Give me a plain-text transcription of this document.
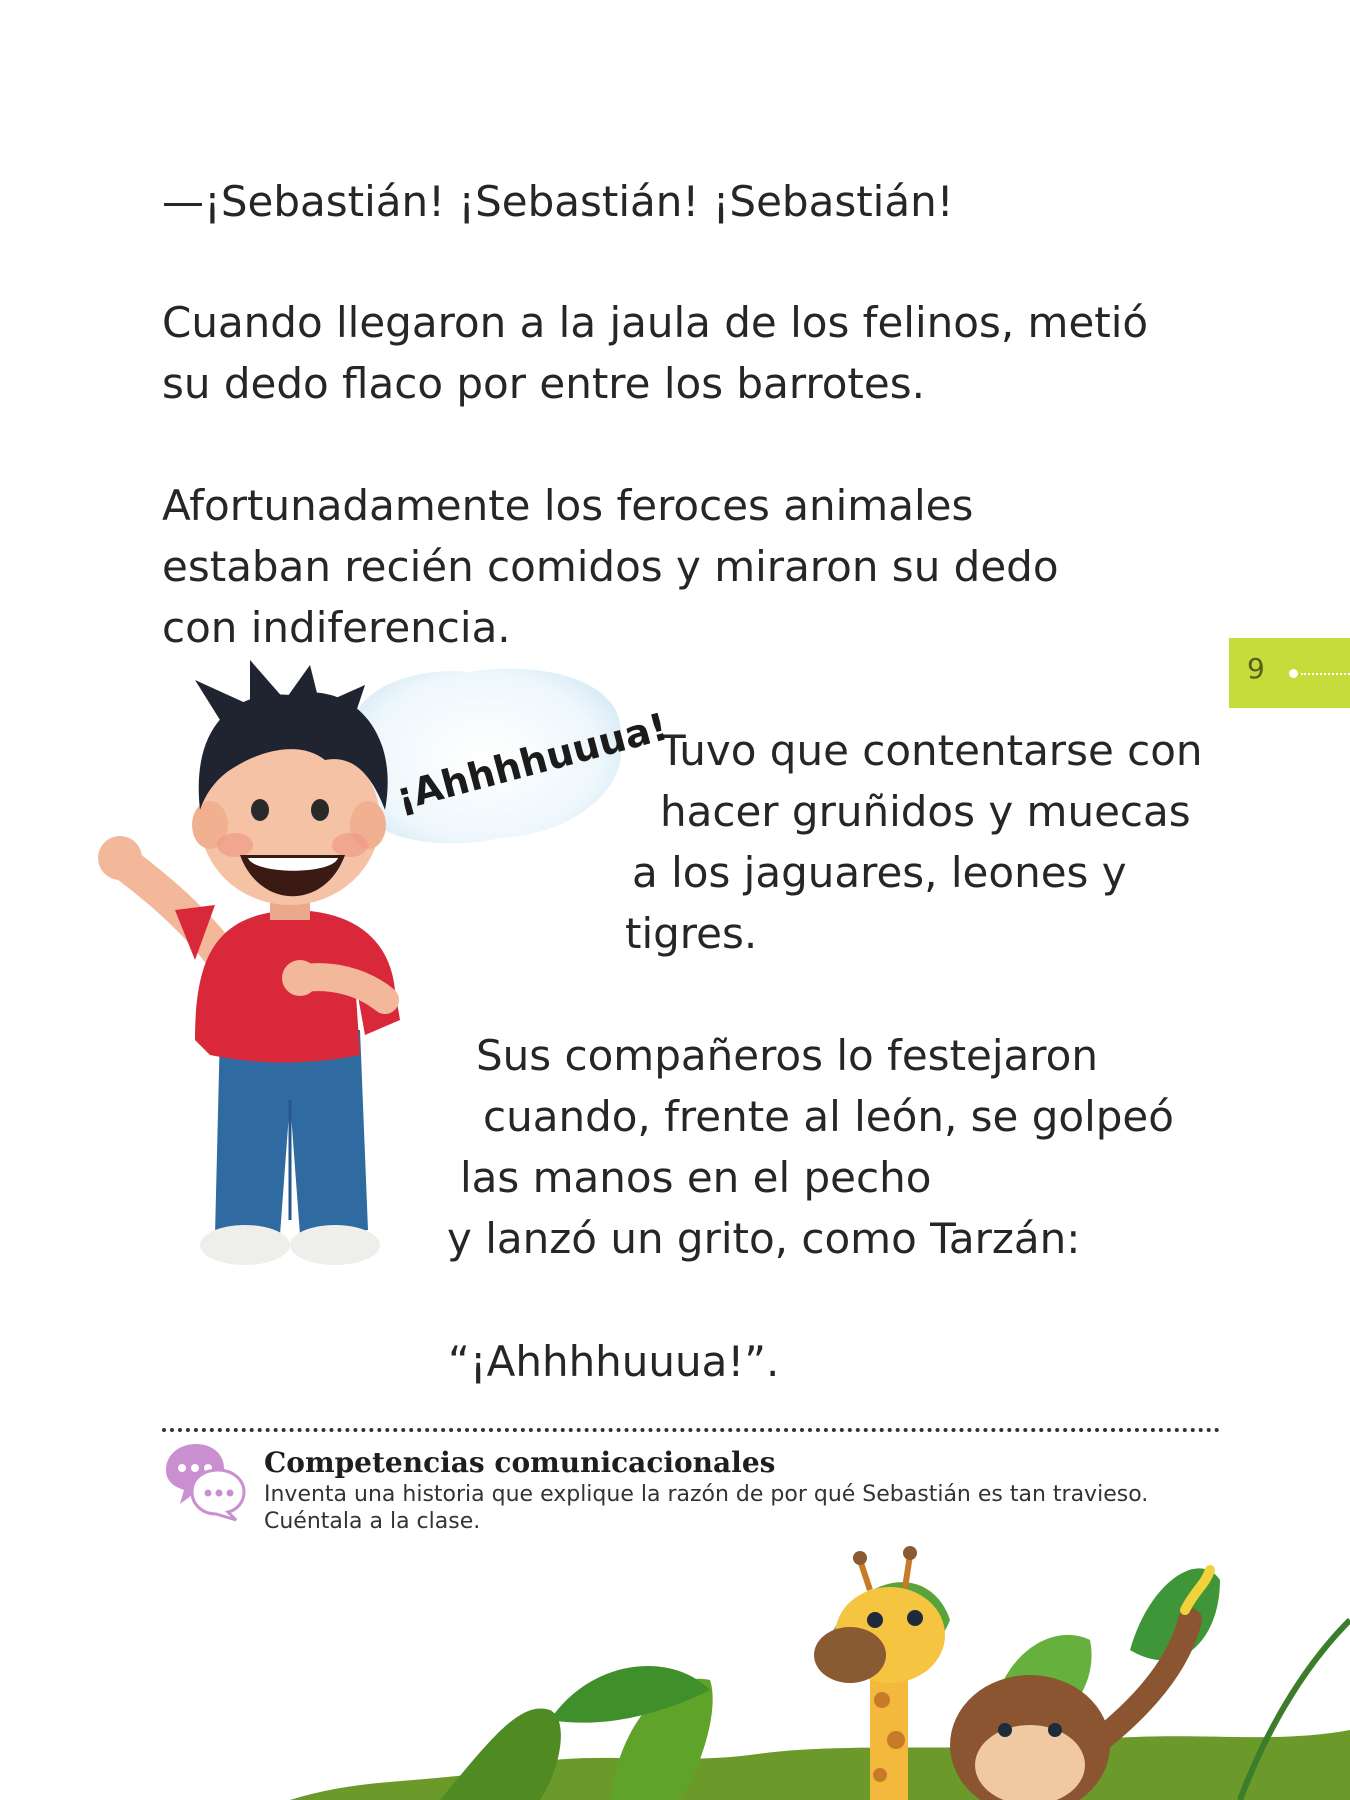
—¡Sebastián! ¡Sebastián! ¡Sebastián!
Cuando llegaron a la jaula de los felinos, metió
su dedo flaco por entre los barrotes.
Afortunadamente los feroces animales
estaban recién comidos y miraron su dedo
con indiferencia.
Tuvo que contentarse con
hacer gruñidos y muecas
a los jaguares, leones y
tigres.
Sus compañeros lo festejaron
cuando, frente al león, se golpeó
las manos en el pecho
y lanzó un grito, como Tarzán:
“¡Ahhhhuuua!”.
9
¡Ahhhhuuua!
Competencias comunicacionales
Inventa una historia que explique la razón de por qué Sebastián es tan travieso.
Cuéntala a la clase.
